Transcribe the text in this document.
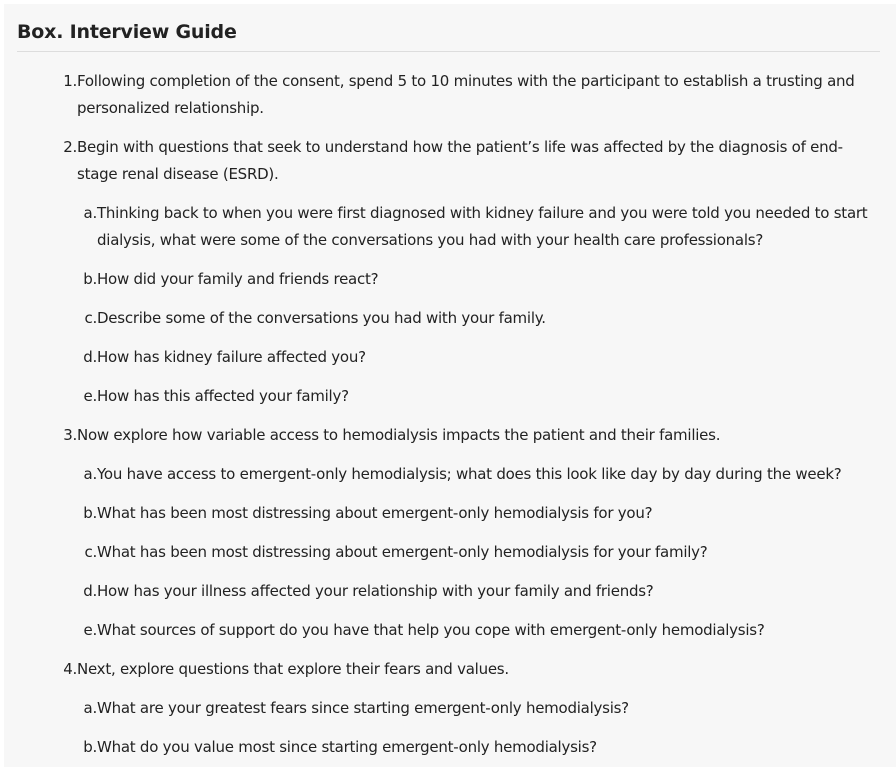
Box. Interview Guide
1. Following completion of the consent, spend 5 to 10 minutes with the participant to establish a trusting and personalized relationship.
2. Begin with questions that seek to understand how the patient’s life was affected by the diagnosis of end-stage renal disease (ESRD).
a. Thinking back to when you were first diagnosed with kidney failure and you were told you needed to start dialysis, what were some of the conversations you had with your health care professionals?
b. How did your family and friends react?
c. Describe some of the conversations you had with your family.
d. How has kidney failure affected you?
e. How has this affected your family?
3. Now explore how variable access to hemodialysis impacts the patient and their families.
a. You have access to emergent-only hemodialysis; what does this look like day by day during the week?
b. What has been most distressing about emergent-only hemodialysis for you?
c. What has been most distressing about emergent-only hemodialysis for your family?
d. How has your illness affected your relationship with your family and friends?
e. What sources of support do you have that help you cope with emergent-only hemodialysis?
4. Next, explore questions that explore their fears and values.
a. What are your greatest fears since starting emergent-only hemodialysis?
b. What do you value most since starting emergent-only hemodialysis?
